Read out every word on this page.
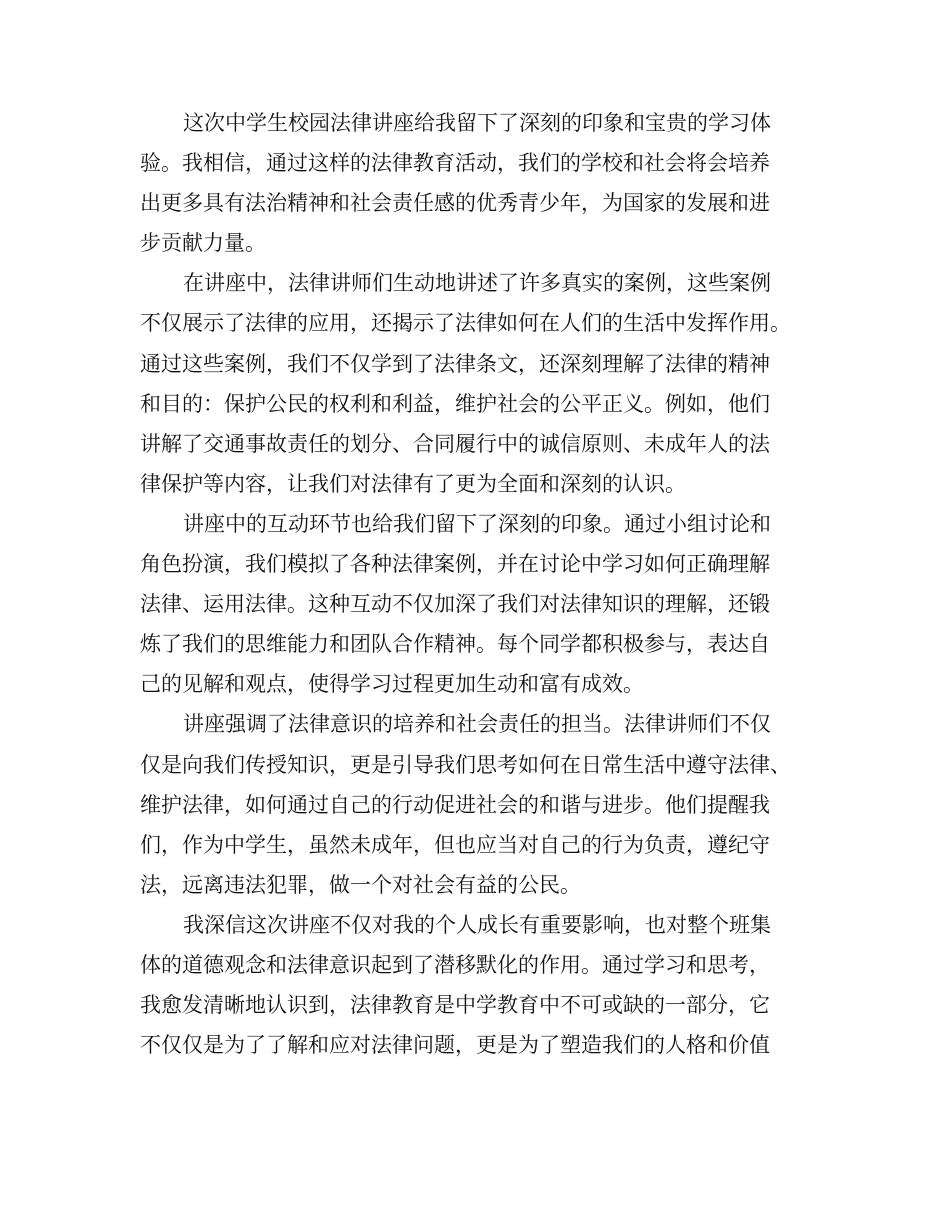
这次中学生校园法律讲座给我留下了深刻的印象和宝贵的学习体
验。我相信，通过这样的法律教育活动，我们的学校和社会将会培养
出更多具有法治精神和社会责任感的优秀青少年，为国家的发展和进
步贡献力量。
在讲座中，法律讲师们生动地讲述了许多真实的案例，这些案例
不仅展示了法律的应用，还揭示了法律如何在人们的生活中发挥作用。
通过这些案例，我们不仅学到了法律条文，还深刻理解了法律的精神
和目的：保护公民的权利和利益，维护社会的公平正义。例如，他们
讲解了交通事故责任的划分、合同履行中的诚信原则、未成年人的法
律保护等内容，让我们对法律有了更为全面和深刻的认识。
讲座中的互动环节也给我们留下了深刻的印象。通过小组讨论和
角色扮演，我们模拟了各种法律案例，并在讨论中学习如何正确理解
法律、运用法律。这种互动不仅加深了我们对法律知识的理解，还锻
炼了我们的思维能力和团队合作精神。每个同学都积极参与，表达自
己的见解和观点，使得学习过程更加生动和富有成效。
讲座强调了法律意识的培养和社会责任的担当。法律讲师们不仅
仅是向我们传授知识，更是引导我们思考如何在日常生活中遵守法律、
维护法律，如何通过自己的行动促进社会的和谐与进步。他们提醒我
们，作为中学生，虽然未成年，但也应当对自己的行为负责，遵纪守
法，远离违法犯罪，做一个对社会有益的公民。
我深信这次讲座不仅对我的个人成长有重要影响，也对整个班集
体的道德观念和法律意识起到了潜移默化的作用。通过学习和思考，
我愈发清晰地认识到，法律教育是中学教育中不可或缺的一部分，它
不仅仅是为了了解和应对法律问题，更是为了塑造我们的人格和价值
